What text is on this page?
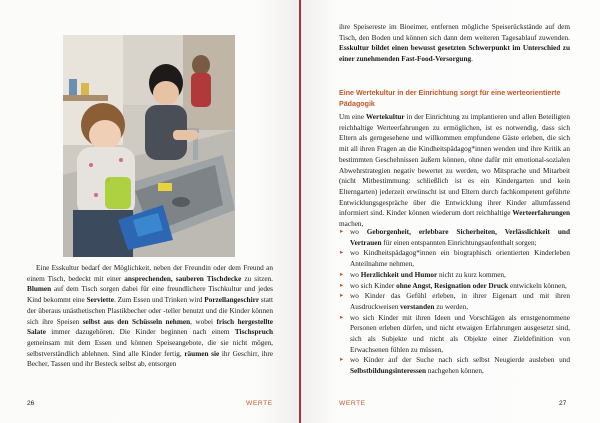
Eine Esskultur bedarf der Möglichkeit, neben der Freundin oder dem Freund an einem Tisch, bedeckt mit einer ansprechenden, sauberen Tischdecke zu sitzen. Blumen auf dem Tisch sorgen dabei für eine freundlichere Tischkultur und jedes Kind bekommt eine Serviette. Zum Essen und Trinken wird Porzellangeschirr statt der überaus unästhetischen Plastikbecher oder -teller benutzt und die Kinder können sich ihre Speisen selbst aus den Schüsseln nehmen, wobei frisch hergestellte Salate immer dazugehören. Die Kinder beginnen nach einem Tischspruch gemeinsam mit dem Essen und können Speiseangebote, die sie nicht mögen, selbstverständlich ablehnen. Sind alle Kinder fertig, räumen sie ihr Geschirr, ihre Becher, Tassen und ihr Besteck selbst ab, entsorgen

26	WERTE

ihre Speisereste im Bioeimer, entfernen mögliche Speiserückstände auf dem Tisch, den Boden und können sich dann dem weiteren Tagesablauf zuwenden. Esskultur bildet einen bewusst gesetzten Schwerpunkt im Unterschied zu einer zunehmenden Fast-Food-Versorgung.

Eine Wertekultur in der Einrichtung sorgt für eine werteorientierte Pädagogik

Um eine Wertekultur in der Einrichtung zu implantieren und allen Beteiligten reichhaltige Werteerfahrungen zu ermöglichen, ist es notwendig, dass sich Eltern als gerngesehene und willkommen empfundene Gäste erleben, die sich mit all ihren Fragen an die Kindheitspädagog*innen wenden und ihre Kritik an bestimmten Geschehnissen äußern können, ohne dafür mit emotional-sozialen Abwehrstrategien negativ bewertet zu werden, wo Mitsprache und Mitarbeit (nicht Mitbestimmung: schließlich ist es ein Kindergarten und kein Elterngarten) jederzeit erwünscht ist und Eltern durch fachkompetent geführte Entwicklungsgespräche über die Entwicklung ihrer Kinder allumfassend informiert sind. Kinder können wiederum dort reichhaltige Werteerfahrungen machen,

▸ wo Geborgenheit, erlebbare Sicherheiten, Verlässlichkeit und Vertrauen für einen entspannten Einrichtungsaufenthalt sorgen;
▸ wo Kindheitspädagog*innen ein biographisch orientierten Kinderleben Anteilnahme nehmen,
▸ wo Herzlichkeit und Humor nicht zu kurz kommen,
▸ wo sich Kinder ohne Angst, Resignation oder Druck entwickeln können,
▸ wo Kinder das Gefühl erleben, in ihrer Eigenart und mit ihren Ausdruckweisen verstanden zu werden,
▸ wo sich Kinder mit ihren Ideen und Vorschlägen als ernstgenommene Personen erleben dürfen, und nicht etwaigen Erfahrungen ausgesetzt sind, sich als Subjekte und nicht als Objekte einer Zieldefinition von Erwachsenen fühlen zu müssen,
▸ wo Kinder auf der Suche nach sich selbst Neugierde ausleben und Selbstbildungsinteressen nachgehen können,
WERTE	27
